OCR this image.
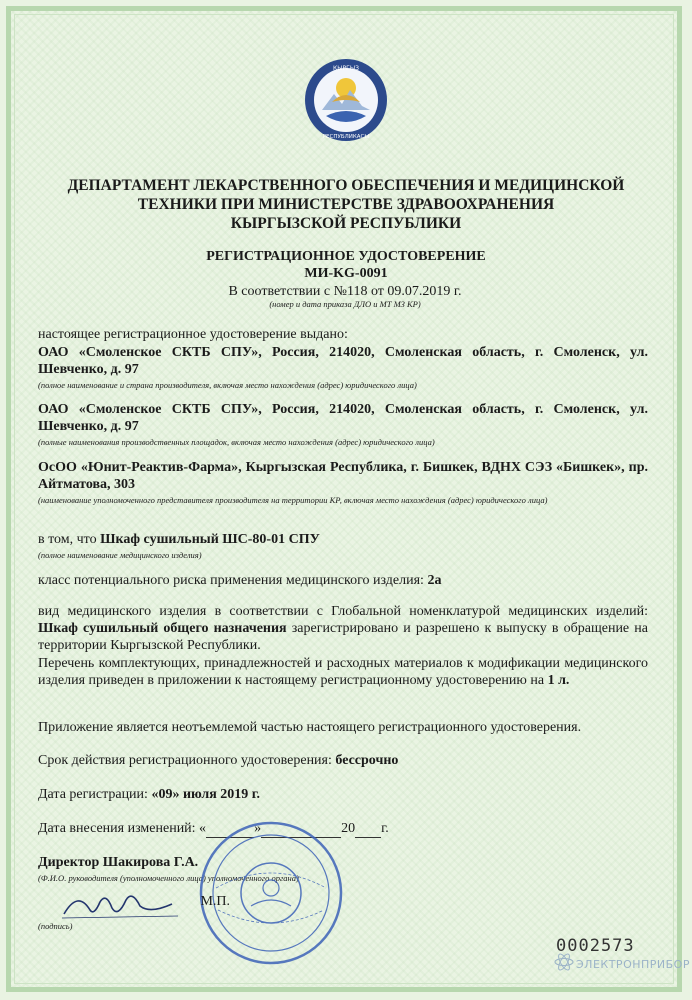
КЫРГЫЗ
РЕСПУБЛИКАСЫ
ДЕПАРТАМЕНТ ЛЕКАРСТВЕННОГО ОБЕСПЕЧЕНИЯ И МЕДИЦИНСКОЙ
ТЕХНИКИ ПРИ МИНИСТЕРСТВЕ ЗДРАВООХРАНЕНИЯ
КЫРГЫЗСКОЙ РЕСПУБЛИКИ
РЕГИСТРАЦИОННОЕ УДОСТОВЕРЕНИЕ
МИ-KG-0091
В соответствии с №118 от 09.07.2019 г.
(номер и дата приказа ДЛО и МТ МЗ КР)
настоящее регистрационное удостоверение выдано:
ОАО «Смоленское СКТБ СПУ», Россия, 214020, Смоленская область, г. Смоленск, ул. Шевченко, д. 97
(полное наименование и страна производителя, включая место нахождения (адрес) юридического лица)
ОАО «Смоленское СКТБ СПУ», Россия, 214020, Смоленская область, г. Смоленск, ул. Шевченко, д. 97
(полные наименования производственных площадок, включая место нахождения (адрес) юридического лица)
ОсОО «Юнит-Реактив-Фарма», Кыргызская Республика, г. Бишкек, ВДНХ СЭЗ «Бишкек», пр. Айтматова, 303
(наименование уполномоченного представителя производителя на территории КР, включая место нахождения (адрес) юридического лица)
в том, что Шкаф сушильный ШС-80-01 СПУ
(полное наименование медицинского изделия)
класс потенциального риска применения медицинского изделия: 2а
вид медицинского изделия в соответствии с Глобальной номенклатурой медицинских изделий: Шкаф сушильный общего назначения зарегистрировано и разрешено к выпуску в обращение на территории Кыргызской Республики.
Перечень комплектующих, принадлежностей и расходных материалов к модификации медицинского изделия приведен в приложении к настоящему регистрационному удостоверению на 1 л.
Приложение является неотъемлемой частью настоящего регистрационного удостоверения.
Срок действия регистрационного удостоверения: бессрочно
Дата регистрации: «09» июля 2019 г.
Дата внесения изменений: «	»	20 г.
Директор Шакирова Г.А.
(Ф.И.О. руководителя (уполномоченного лица) уполномоченного органа)
М.П.
(подпись)
0002573
ЭЛЕКТРОНПРИБОР
